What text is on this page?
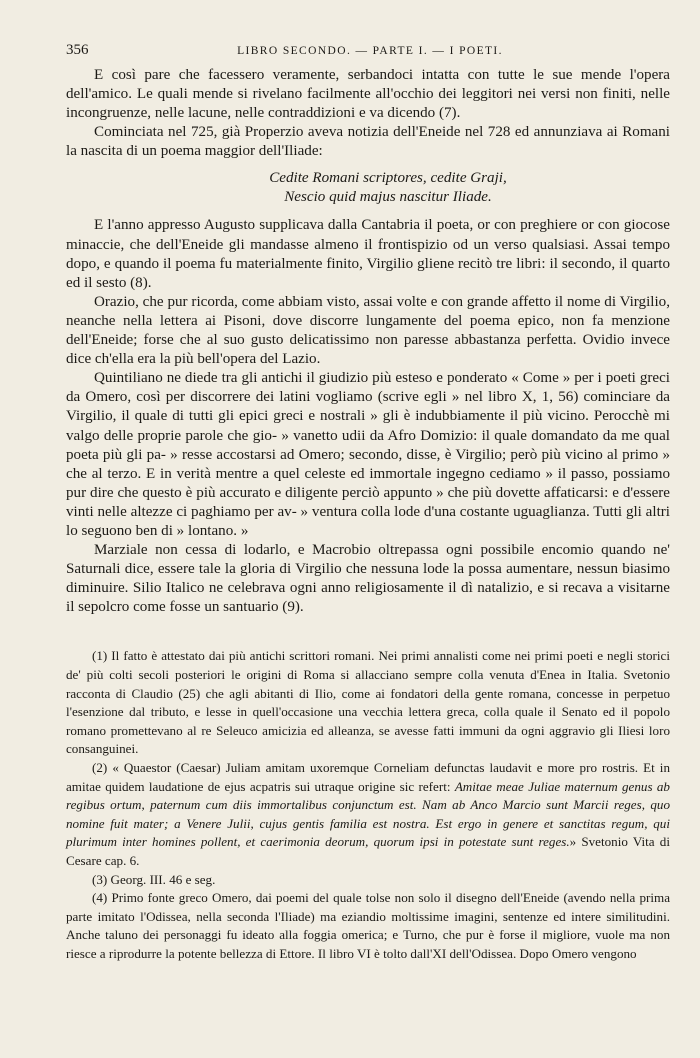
356	LIBRO SECONDO. — PARTE I. — I POETI.

E così pare che facessero veramente, serbandoci intatta con tutte le sue mende l'opera dell'amico. Le quali mende si rivelano facilmente all'occhio dei leggitori nei versi non finiti, nelle incongruenze, nelle lacune, nelle contraddizioni e va dicendo (7).

Cominciata nel 725, già Properzio aveva notizia dell'Eneide nel 728 ed annunziava ai Romani la nascita di un poema maggior dell'Iliade:

Cedite Romani scriptores, cedite Graji,
Nescio quid majus nascitur Iliade.

E l'anno appresso Augusto supplicava dalla Cantabria il poeta, or con preghiere or con giocose minaccie, che dell'Eneide gli mandasse almeno il frontispizio od un verso qualsiasi. Assai tempo dopo, e quando il poema fu materialmente finito, Virgilio gliene recitò tre libri: il secondo, il quarto ed il sesto (8).

Orazio, che pur ricorda, come abbiam visto, assai volte e con grande affetto il nome di Virgilio, neanche nella lettera ai Pisoni, dove discorre lungamente del poema epico, non fa menzione dell'Eneide; forse che al suo gusto delicatissimo non paresse abbastanza perfetta. Ovidio invece dice ch'ella era la più bell'opera del Lazio.

Quintiliano ne diede tra gli antichi il giudizio più esteso e ponderato « Come » per i poeti greci da Omero, così per discorrere dei latini vogliamo (scrive egli » nel libro X, 1, 56) cominciare da Virgilio, il quale di tutti gli epici greci e nostrali » gli è indubbiamente il più vicino. Perocchè mi valgo delle proprie parole che gio- » vanetto udii da Afro Domizio: il quale domandato da me qual poeta più gli pa- » resse accostarsi ad Omero; secondo, disse, è Virgilio; però più vicino al primo » che al terzo. E in verità mentre a quel celeste ed immortale ingegno cediamo » il passo, possiamo pur dire che questo è più accurato e diligente perciò appunto » che più dovette affaticarsi: e d'essere vinti nelle altezze ci paghiamo per av- » ventura colla lode d'una costante uguaglianza. Tutti gli altri lo seguono ben di » lontano. »

Marziale non cessa di lodarlo, e Macrobio oltrepassa ogni possibile encomio quando ne' Saturnali dice, essere tale la gloria di Virgilio che nessuna lode la possa aumentare, nessun biasimo diminuire. Silio Italico ne celebrava ogni anno religiosamente il dì natalizio, e si recava a visitarne il sepolcro come fosse un santuario (9).

(1) Il fatto è attestato dai più antichi scrittori romani. Nei primi annalisti come nei primi poeti e negli storici de' più colti secoli posteriori le origini di Roma si allacciano sempre colla venuta d'Enea in Italia. Svetonio racconta di Claudio (25) che agli abitanti di Ilio, come ai fondatori della gente romana, concesse in perpetuo l'esenzione dal tributo, e lesse in quell'occasione una vecchia lettera greca, colla quale il Senato ed il popolo romano promettevano al re Seleuco amicizia ed alleanza, se avesse fatti immuni da ogni aggravio gli Iliesi loro consanguinei.

(2) « Quaestor (Caesar) Juliam amitam uxoremque Corneliam defunctas laudavit e more pro rostris. Et in amitae quidem laudatione de ejus acpatris sui utraque origine sic refert: Amitae meae Juliae maternum genus ab regibus ortum, paternum cum diis immortalibus conjunctum est. Nam ab Anco Marcio sunt Marcii reges, quo nomine fuit mater; a Venere Julii, cujus gentis familia est nostra. Est ergo in genere et sanctitas regum, qui plurimum inter homines pollent, et caerimonia deorum, quorum ipsi in potestate sunt reges.» Svetonio Vita di Cesare cap. 6.

(3) Georg. III. 46 e seg.

(4) Primo fonte greco Omero, dai poemi del quale tolse non solo il disegno dell'Eneide (avendo nella prima parte imitato l'Odissea, nella seconda l'Iliade) ma eziandio moltissime imagini, sentenze ed intere similitudini. Anche taluno dei personaggi fu ideato alla foggia omerica; e Turno, che pur è forse il migliore, vuole ma non riesce a riprodurre la potente bellezza di Ettore. Il libro VI è tolto dall'XI dell'Odissea. Dopo Omero vengono
